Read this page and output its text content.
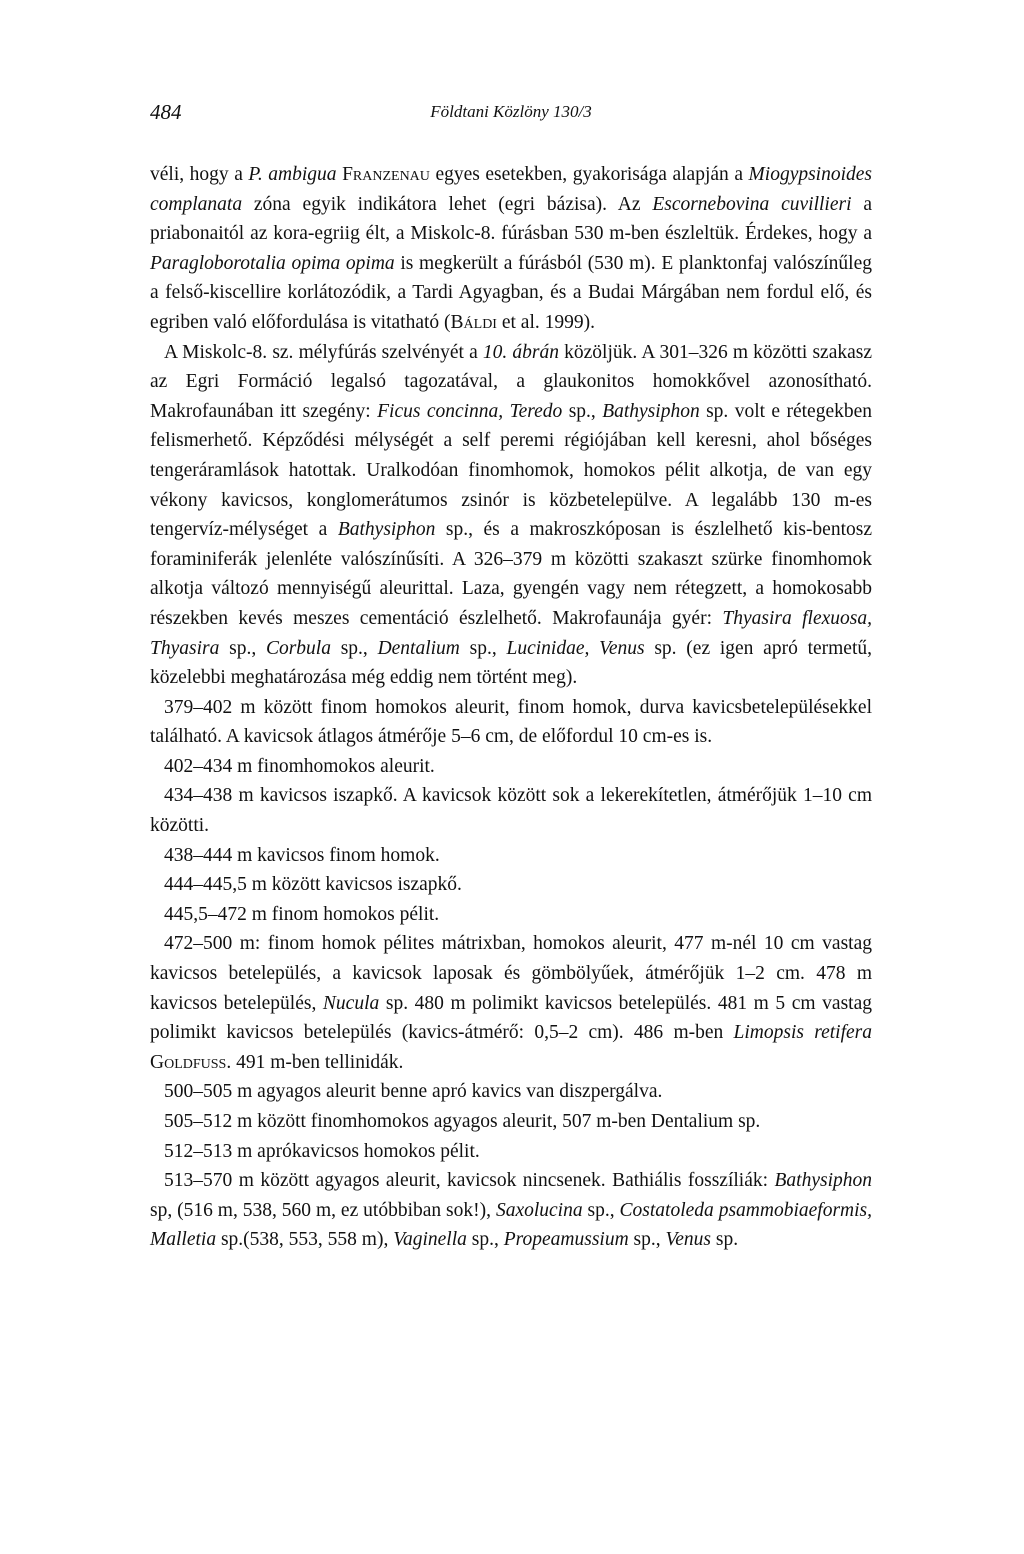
484	Földtani Közlöny 130/3

véli, hogy a P. ambigua Franzenau egyes esetekben, gyakorisága alapján a Miogypsinoides complanata zóna egyik indikátora lehet (egri bázisa). Az Escornebovina cuvillieri a priabonaitól az kora-egriig élt, a Miskolc-8. fúrásban 530 m-ben észleltük. Érdekes, hogy a Paragloborotalia opima opima is megkerült a fúrásból (530 m). E planktonfaj valószínűleg a felső-kiscellire korlátozódik, a Tardi Agyagban, és a Budai Márgában nem fordul elő, és egriben való előfordulása is vitatható (Báldi et al. 1999).

A Miskolc-8. sz. mélyfúrás szelvényét a 10. ábrán közöljük. A 301–326 m közötti szakasz az Egri Formáció legalsó tagozatával, a glaukonitos homokkővel azonosítható. Makrofaunában itt szegény: Ficus concinna, Teredo sp., Bathysiphon sp. volt e rétegekben felismerhető. Képződési mélységét a self peremi régiójában kell keresni, ahol bőséges tengeráramlások hatottak. Uralkodóan finomhomok, homokos pélit alkotja, de van egy vékony kavicsos, konglomerátumos zsinór is közbetelepülve. A legalább 130 m-es tengervíz-mélységet a Bathysiphon sp., és a makroszkóposan is észlelhető kis-bentosz foraminiferák jelenléte valószínűsíti. A 326–379 m közötti szakaszt szürke finomhomok alkotja változó mennyiségű aleurittal. Laza, gyengén vagy nem rétegzett, a homokosabb részekben kevés meszes cementáció észlelhető. Makrofaunája gyér: Thyasira flexuosa, Thyasira sp., Corbula sp., Dentalium sp., Lucinidae, Venus sp. (ez igen apró termetű, közelebbi meghatározása még eddig nem történt meg).

379–402 m között finom homokos aleurit, finom homok, durva kavicsbetelepülésekkel található. A kavicsok átlagos átmérője 5–6 cm, de előfordul 10 cm-es is.

402–434 m finomhomokos aleurit.

434–438 m kavicsos iszapkő. A kavicsok között sok a lekerekítetlen, átmérőjük 1–10 cm közötti.

438–444 m kavicsos finom homok.

444–445,5 m között kavicsos iszapkő.

445,5–472 m finom homokos pélit.

472–500 m: finom homok pélites mátrixban, homokos aleurit, 477 m-nél 10 cm vastag kavicsos betelepülés, a kavicsok laposak és gömbölyűek, átmérőjük 1–2 cm. 478 m kavicsos betelepülés, Nucula sp. 480 m polimikt kavicsos betelepülés. 481 m 5 cm vastag polimikt kavicsos betelepülés (kavics-átmérő: 0,5–2 cm). 486 m-ben Limopsis retifera Goldfuss. 491 m-ben tellinidák.

500–505 m agyagos aleurit benne apró kavics van diszpergálva.

505–512 m között finomhomokos agyagos aleurit, 507 m-ben Dentalium sp.

512–513 m aprókavicsos homokos pélit.

513–570 m között agyagos aleurit, kavicsok nincsenek. Bathiális fosszíliák: Bathysiphon sp, (516 m, 538, 560 m, ez utóbbiban sok!), Saxolucina sp., Costatoleda psammobiaeformis, Malletia sp.(538, 553, 558 m), Vaginella sp., Propeamussium sp., Venus sp.
